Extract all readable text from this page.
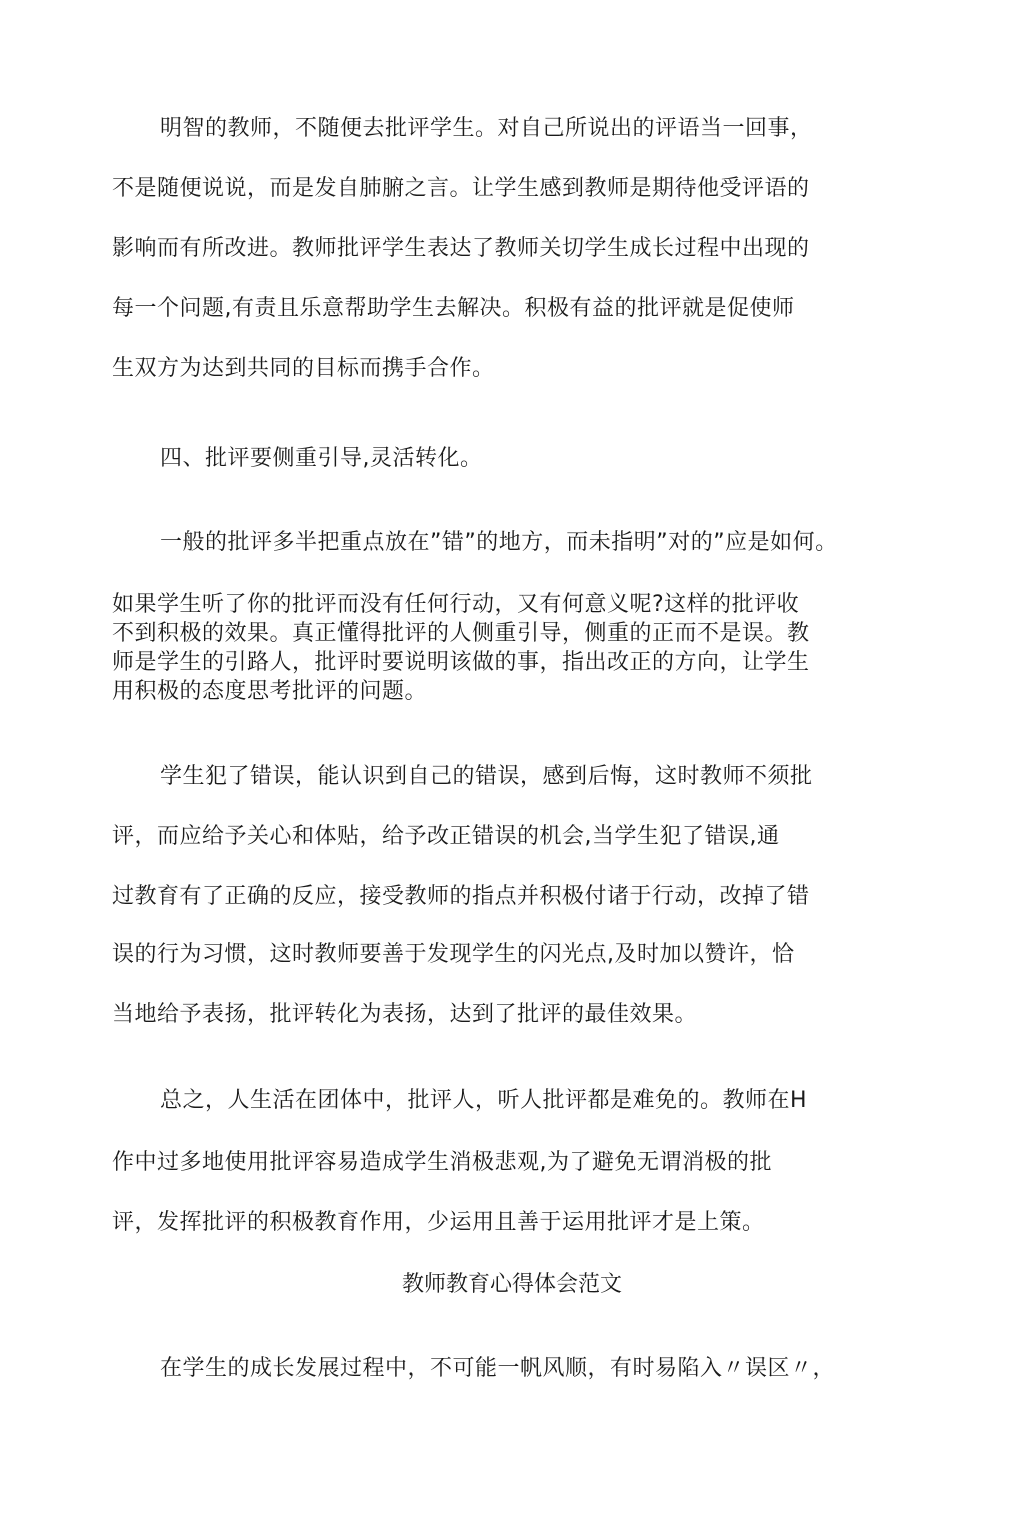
明智的教师，不随便去批评学生。对自己所说出的评语当一回事，
不是随便说说，而是发自肺腑之言。让学生感到教师是期待他受评语的
影响而有所改进。教师批评学生表达了教师关切学生成长过程中出现的
每一个问题,有责且乐意帮助学生去解决。积极有益的批评就是促使师
生双方为达到共同的目标而携手合作。
四、批评要侧重引导,灵活转化。
一般的批评多半把重点放在”错”的地方，而未指明”对的”应是如何。
如果学生听了你的批评而没有任何行动，又有何意义呢?这样的批评收
不到积极的效果。真正懂得批评的人侧重引导，侧重的正而不是误。教
师是学生的引路人，批评时要说明该做的事，指出改正的方向，让学生
用积极的态度思考批评的问题。
学生犯了错误，能认识到自己的错误，感到后悔，这时教师不须批
评，而应给予关心和体贴，给予改正错误的机会,当学生犯了错误,通
过教育有了正确的反应，接受教师的指点并积极付诸于行动，改掉了错
误的行为习惯，这时教师要善于发现学生的闪光点,及时加以赞许，恰
当地给予表扬，批评转化为表扬，达到了批评的最佳效果。
总之，人生活在团体中，批评人，听人批评都是难免的。教师在H
作中过多地使用批评容易造成学生消极悲观,为了避免无谓消极的批
评，发挥批评的积极教育作用，少运用且善于运用批评才是上策。
教师教育心得体会范文
在学生的成长发展过程中，不可能一帆风顺，有时易陷入〃误区〃，
